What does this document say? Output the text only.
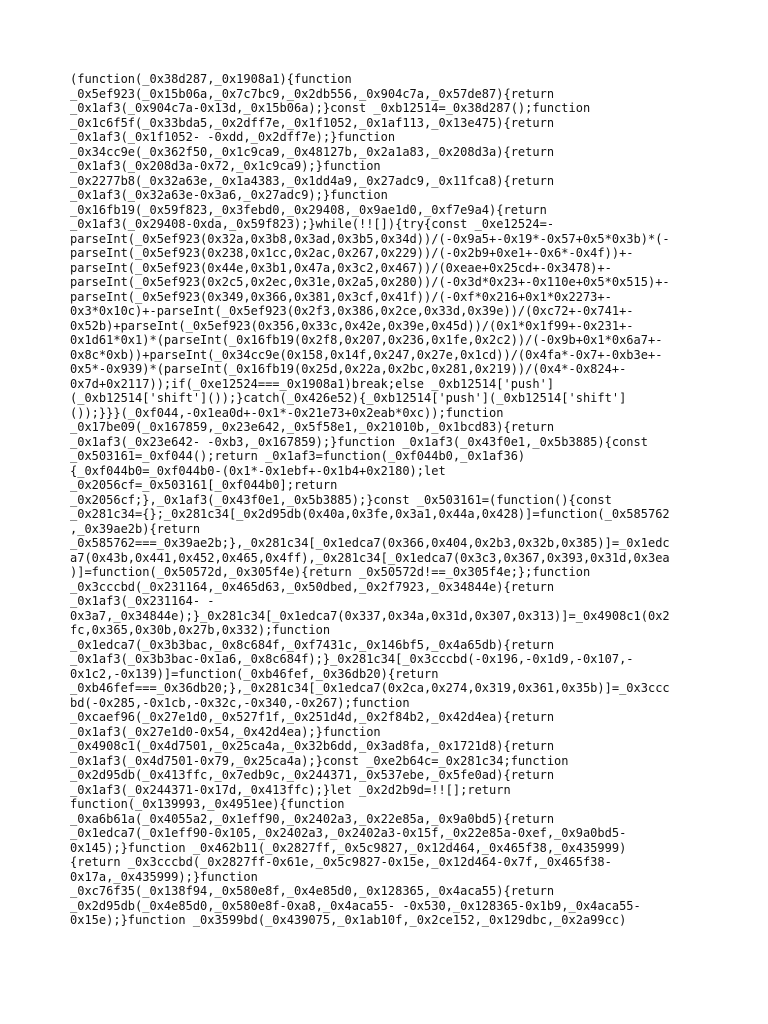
(function(_0x38d287,_0x1908a1){function
_0x5ef923(_0x15b06a,_0x7c7bc9,_0x2db556,_0x904c7a,_0x57de87){return
_0x1af3(_0x904c7a-0x13d,_0x15b06a);}const _0xb12514=_0x38d287();function
_0x1c6f5f(_0x33bda5,_0x2dff7e,_0x1f1052,_0x1af113,_0x13e475){return
_0x1af3(_0x1f1052- -0xdd,_0x2dff7e);}function
_0x34cc9e(_0x362f50,_0x1c9ca9,_0x48127b,_0x2a1a83,_0x208d3a){return
_0x1af3(_0x208d3a-0x72,_0x1c9ca9);}function
_0x2277b8(_0x32a63e,_0x1a4383,_0x1dd4a9,_0x27adc9,_0x11fca8){return
_0x1af3(_0x32a63e-0x3a6,_0x27adc9);}function
_0x16fb19(_0x59f823,_0x3febd0,_0x29408,_0x9ae1d0,_0xf7e9a4){return
_0x1af3(_0x29408-0xda,_0x59f823);}while(!![]){try{const _0xe12524=-
parseInt(_0x5ef923(0x32a,0x3b8,0x3ad,0x3b5,0x34d))/(-0x9a5+-0x19*-0x57+0x5*0x3b)*(-
parseInt(_0x5ef923(0x238,0x1cc,0x2ac,0x267,0x229))/(-0x2b9+0xe1+-0x6*-0x4f))+-
parseInt(_0x5ef923(0x44e,0x3b1,0x47a,0x3c2,0x467))/(0xeae+0x25cd+-0x3478)+-
parseInt(_0x5ef923(0x2c5,0x2ec,0x31e,0x2a5,0x280))/(-0x3d*0x23+-0x110e+0x5*0x515)+-
parseInt(_0x5ef923(0x349,0x366,0x381,0x3cf,0x41f))/(-0xf*0x216+0x1*0x2273+-
0x3*0x10c)+-parseInt(_0x5ef923(0x2f3,0x386,0x2ce,0x33d,0x39e))/(0xc72+-0x741+-
0x52b)+parseInt(_0x5ef923(0x356,0x33c,0x42e,0x39e,0x45d))/(0x1*0x1f99+-0x231+-
0x1d61*0x1)*(parseInt(_0x16fb19(0x2f8,0x207,0x236,0x1fe,0x2c2))/(-0x9b+0x1*0x6a7+-
0x8c*0xb))+parseInt(_0x34cc9e(0x158,0x14f,0x247,0x27e,0x1cd))/(0x4fa*-0x7+-0xb3e+-
0x5*-0x939)*(parseInt(_0x16fb19(0x25d,0x22a,0x2bc,0x281,0x219))/(0x4*-0x824+-
0x7d+0x2117));if(_0xe12524===_0x1908a1)break;else _0xb12514['push']
(_0xb12514['shift']());}catch(_0x426e52){_0xb12514['push'](_0xb12514['shift']
());}}}(_0xf044,-0x1ea0d+-0x1*-0x21e73+0x2eab*0xc));function
_0x17be09(_0x167859,_0x23e642,_0x5f58e1,_0x21010b,_0x1bcd83){return
_0x1af3(_0x23e642- -0xb3,_0x167859);}function _0x1af3(_0x43f0e1,_0x5b3885){const
_0x503161=_0xf044();return _0x1af3=function(_0xf044b0,_0x1af36)
{_0xf044b0=_0xf044b0-(0x1*-0x1ebf+-0x1b4+0x2180);let
_0x2056cf=_0x503161[_0xf044b0];return
_0x2056cf;},_0x1af3(_0x43f0e1,_0x5b3885);}const _0x503161=(function(){const
_0x281c34={};_0x281c34[_0x2d95db(0x40a,0x3fe,0x3a1,0x44a,0x428)]=function(_0x585762
,_0x39ae2b){return
_0x585762===_0x39ae2b;},_0x281c34[_0x1edca7(0x366,0x404,0x2b3,0x32b,0x385)]=_0x1edc
a7(0x43b,0x441,0x452,0x465,0x4ff),_0x281c34[_0x1edca7(0x3c3,0x367,0x393,0x31d,0x3ea
)]=function(_0x50572d,_0x305f4e){return _0x50572d!==_0x305f4e;};function
_0x3cccbd(_0x231164,_0x465d63,_0x50dbed,_0x2f7923,_0x34844e){return
_0x1af3(_0x231164- -
0x3a7,_0x34844e);}_0x281c34[_0x1edca7(0x337,0x34a,0x31d,0x307,0x313)]=_0x4908c1(0x2
fc,0x365,0x30b,0x27b,0x332);function
_0x1edca7(_0x3b3bac,_0x8c684f,_0xf7431c,_0x146bf5,_0x4a65db){return
_0x1af3(_0x3b3bac-0x1a6,_0x8c684f);}_0x281c34[_0x3cccbd(-0x196,-0x1d9,-0x107,-
0x1c2,-0x139)]=function(_0xb46fef,_0x36db20){return
_0xb46fef===_0x36db20;},_0x281c34[_0x1edca7(0x2ca,0x274,0x319,0x361,0x35b)]=_0x3ccc
bd(-0x285,-0x1cb,-0x32c,-0x340,-0x267);function
_0xcaef96(_0x27e1d0,_0x527f1f,_0x251d4d,_0x2f84b2,_0x42d4ea){return
_0x1af3(_0x27e1d0-0x54,_0x42d4ea);}function
_0x4908c1(_0x4d7501,_0x25ca4a,_0x32b6dd,_0x3ad8fa,_0x1721d8){return
_0x1af3(_0x4d7501-0x79,_0x25ca4a);}const _0xe2b64c=_0x281c34;function
_0x2d95db(_0x413ffc,_0x7edb9c,_0x244371,_0x537ebe,_0x5fe0ad){return
_0x1af3(_0x244371-0x17d,_0x413ffc);}let _0x2d2b9d=!![];return
function(_0x139993,_0x4951ee){function
_0xa6b61a(_0x4055a2,_0x1eff90,_0x2402a3,_0x22e85a,_0x9a0bd5){return
_0x1edca7(_0x1eff90-0x105,_0x2402a3,_0x2402a3-0x15f,_0x22e85a-0xef,_0x9a0bd5-
0x145);}function _0x462b11(_0x2827ff,_0x5c9827,_0x12d464,_0x465f38,_0x435999)
{return _0x3cccbd(_0x2827ff-0x61e,_0x5c9827-0x15e,_0x12d464-0x7f,_0x465f38-
0x17a,_0x435999);}function
_0xc76f35(_0x138f94,_0x580e8f,_0x4e85d0,_0x128365,_0x4aca55){return
_0x2d95db(_0x4e85d0,_0x580e8f-0xa8,_0x4aca55- -0x530,_0x128365-0x1b9,_0x4aca55-
0x15e);}function _0x3599bd(_0x439075,_0x1ab10f,_0x2ce152,_0x129dbc,_0x2a99cc)
